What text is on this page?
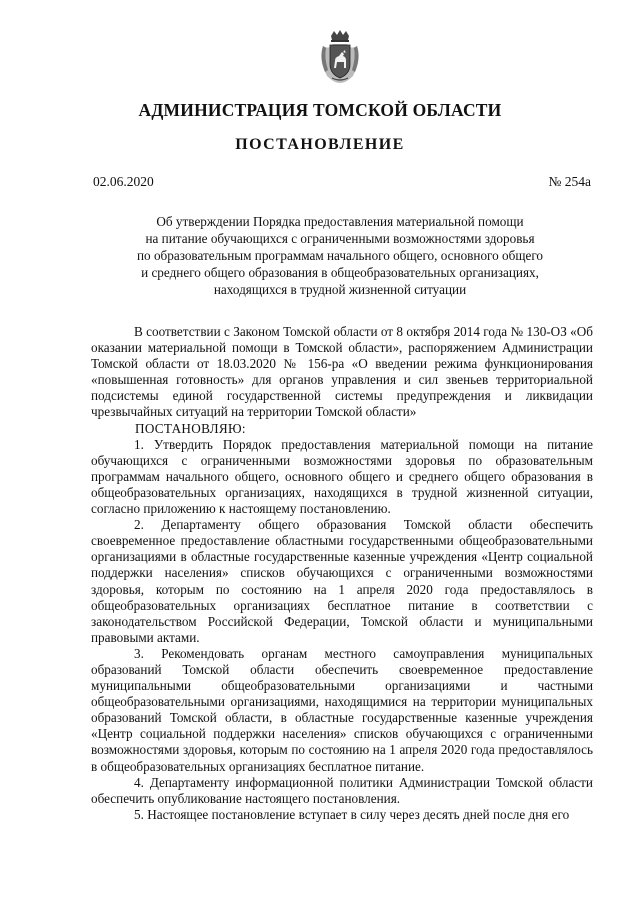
АДМИНИСТРАЦИЯ ТОМСКОЙ ОБЛАСТИ
ПОСТАНОВЛЕНИЕ
02.06.2020	№ 254а
Об утверждении Порядка предоставления материальной помощи
на питание обучающихся с ограниченными возможностями здоровья
по образовательным программам начального общего, основного общего
и среднего общего образования в общеобразовательных организациях,
находящихся в трудной жизненной ситуации

В соответствии с Законом Томской области от 8 октября 2014 года № 130-ОЗ «Об оказании материальной помощи в Томской области», распоряжением Администрации Томской области от 18.03.2020 № 156-ра «О введении режима функционирования «повышенная готовность» для органов управления и сил звеньев территориальной подсистемы единой государственной системы предупреждения и ликвидации чрезвычайных ситуаций на территории Томской области»

ПОСТАНОВЛЯЮ:

1. Утвердить Порядок предоставления материальной помощи на питание обучающихся с ограниченными возможностями здоровья по образовательным программам начального общего, основного общего и среднего общего образования в общеобразовательных организациях, находящихся в трудной жизненной ситуации, согласно приложению к настоящему постановлению.

2. Департаменту общего образования Томской области обеспечить своевременное предоставление областными государственными общеобразовательными организациями в областные государственные казенные учреждения «Центр социальной поддержки населения» списков обучающихся с ограниченными возможностями здоровья, которым по состоянию на 1 апреля 2020 года предоставлялось в общеобразовательных организациях бесплатное питание в соответствии с законодательством Российской Федерации, Томской области и муниципальными правовыми актами.

3. Рекомендовать органам местного самоуправления муниципальных образований Томской области обеспечить своевременное предоставление муниципальными общеобразовательными организациями и частными общеобразовательными организациями, находящимися на территории муниципальных образований Томской области, в областные государственные казенные учреждения «Центр социальной поддержки населения» списков обучающихся с ограниченными возможностями здоровья, которым по состоянию на 1 апреля 2020 года предоставлялось в общеобразовательных организациях бесплатное питание.

4. Департаменту информационной политики Администрации Томской области обеспечить опубликование настоящего постановления.

5. Настоящее постановление вступает в силу через десять дней после дня его
